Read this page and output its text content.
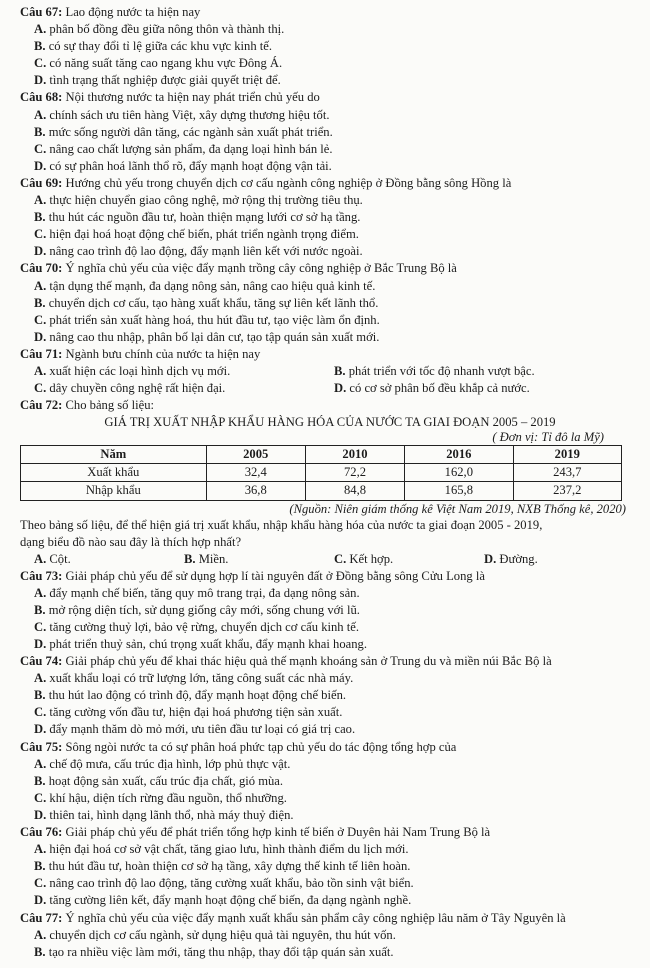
Câu 67: Lao động nước ta hiện nay
A. phân bố đồng đều giữa nông thôn và thành thị.
B. có sự thay đổi tỉ lệ giữa các khu vực kinh tế.
C. có năng suất tăng cao ngang khu vực Đông Á.
D. tình trạng thất nghiệp được giải quyết triệt để.
Câu 68: Nội thương nước ta hiện nay phát triển chủ yếu do
A. chính sách ưu tiên hàng Việt, xây dựng thương hiệu tốt.
B. mức sống người dân tăng, các ngành sản xuất phát triển.
C. nâng cao chất lượng sản phẩm, đa dạng loại hình bán lẻ.
D. có sự phân hoá lãnh thổ rõ, đẩy mạnh hoạt động vận tải.
Câu 69: Hướng chủ yếu trong chuyển dịch cơ cấu ngành công nghiệp ở Đồng bằng sông Hồng là
A. thực hiện chuyển giao công nghệ, mở rộng thị trường tiêu thụ.
B. thu hút các nguồn đầu tư, hoàn thiện mạng lưới cơ sở hạ tầng.
C. hiện đại hoá hoạt động chế biến, phát triển ngành trọng điểm.
D. nâng cao trình độ lao động, đẩy mạnh liên kết với nước ngoài.
Câu 70: Ý nghĩa chủ yếu của việc đẩy mạnh trồng cây công nghiệp ở Bắc Trung Bộ là
A. tận dụng thế mạnh, đa dạng nông sản, nâng cao hiệu quả kinh tế.
B. chuyển dịch cơ cấu, tạo hàng xuất khẩu, tăng sự liên kết lãnh thổ.
C. phát triển sản xuất hàng hoá, thu hút đầu tư, tạo việc làm ổn định.
D. nâng cao thu nhập, phân bố lại dân cư, tạo tập quán sản xuất mới.
Câu 71: Ngành bưu chính của nước ta hiện nay
A. xuất hiện các loại hình dịch vụ mới.	B. phát triển với tốc độ nhanh vượt bậc.
C. dây chuyền công nghệ rất hiện đại.	D. có cơ sở phân bố đều khắp cả nước.
Câu 72: Cho bảng số liệu:
GIÁ TRỊ XUẤT NHẬP KHẨU HÀNG HÓA CỦA NƯỚC TA GIAI ĐOẠN 2005 – 2019
( Đơn vị: Tỉ đô la Mỹ)
Năm	2005	2010	2016	2019
Xuất khẩu	32,4	72,2	162,0	243,7
Nhập khẩu	36,8	84,8	165,8	237,2
(Nguồn: Niên giám thống kê Việt Nam 2019, NXB Thống kê, 2020)
Theo bảng số liệu, để thể hiện giá trị xuất khẩu, nhập khẩu hàng hóa của nước ta giai đoạn 2005 - 2019,
dạng biểu đồ nào sau đây là thích hợp nhất?
A. Cột.	B. Miền.	C. Kết hợp.	D. Đường.
Câu 73: Giải pháp chủ yếu để sử dụng hợp lí tài nguyên đất ở Đồng bằng sông Cửu Long là
A. đẩy mạnh chế biến, tăng quy mô trang trại, đa dạng nông sản.
B. mở rộng diện tích, sử dụng giống cây mới, sống chung với lũ.
C. tăng cường thuỷ lợi, bảo vệ rừng, chuyển dịch cơ cấu kinh tế.
D. phát triển thuỷ sản, chú trọng xuất khẩu, đẩy mạnh khai hoang.
Câu 74: Giải pháp chủ yếu để khai thác hiệu quả thế mạnh khoáng sản ở Trung du và miền núi Bắc Bộ là
A. xuất khẩu loại có trữ lượng lớn, tăng công suất các nhà máy.
B. thu hút lao động có trình độ, đẩy mạnh hoạt động chế biến.
C. tăng cường vốn đầu tư, hiện đại hoá phương tiện sản xuất.
D. đẩy mạnh thăm dò mỏ mới, ưu tiên đầu tư loại có giá trị cao.
Câu 75: Sông ngòi nước ta có sự phân hoá phức tạp chủ yếu do tác động tổng hợp của
A. chế độ mưa, cấu trúc địa hình, lớp phủ thực vật.
B. hoạt động sản xuất, cấu trúc địa chất, gió mùa.
C. khí hậu, diện tích rừng đầu nguồn, thổ nhưỡng.
D. thiên tai, hình dạng lãnh thổ, nhà máy thuỷ điện.
Câu 76: Giải pháp chủ yếu để phát triển tổng hợp kinh tế biển ở Duyên hải Nam Trung Bộ là
A. hiện đại hoá cơ sở vật chất, tăng giao lưu, hình thành điểm du lịch mới.
B. thu hút đầu tư, hoàn thiện cơ sở hạ tầng, xây dựng thế kinh tế liên hoàn.
C. nâng cao trình độ lao động, tăng cường xuất khẩu, bảo tồn sinh vật biển.
D. tăng cường liên kết, đẩy mạnh hoạt động chế biến, đa dạng ngành nghề.
Câu 77: Ý nghĩa chủ yếu của việc đẩy mạnh xuất khẩu sản phẩm cây công nghiệp lâu năm ở Tây Nguyên là
A. chuyển dịch cơ cấu ngành, sử dụng hiệu quả tài nguyên, thu hút vốn.
B. tạo ra nhiều việc làm mới, tăng thu nhập, thay đổi tập quán sản xuất.
